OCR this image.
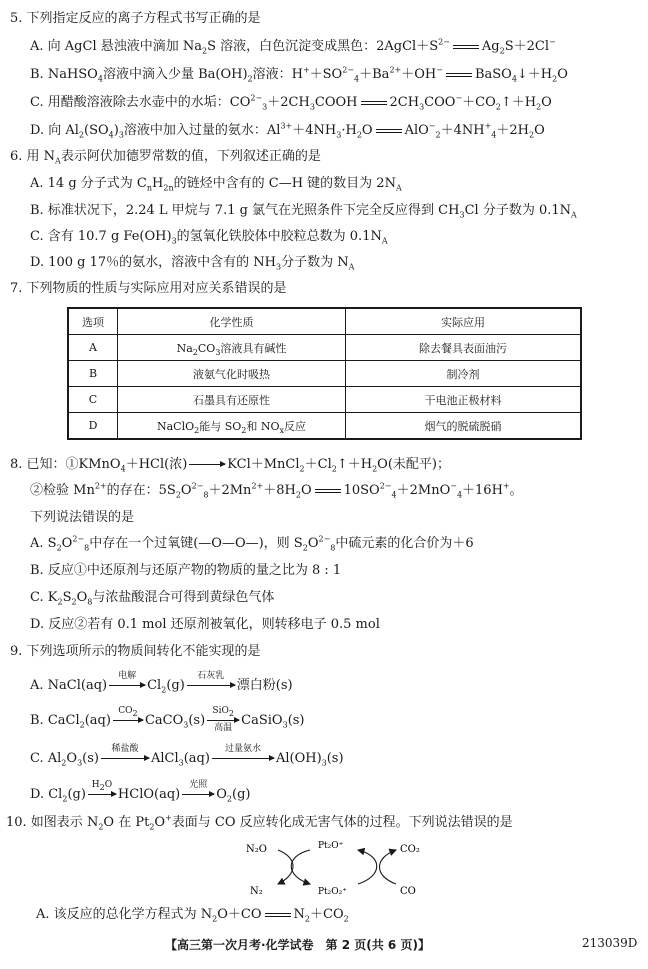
5. 下列指定反应的离子方程式书写正确的是
A. 向 AgCl 悬浊液中滴加 $Na_2S$ 溶液，白色沉淀变成黑色：$2AgCl+S^{2-}$ $Ag_2S+2Cl^-$
B. NaHSO$_4$溶液中滴入少量 $Ba(OH)_2$溶液：$H^++SO^{2-}_4+Ba^{2+}+OH^-$ $BaSO_4↓+H_2O$
C. 用醋酸溶液除去水壶中的水垢：$CO^{2-}_3+2CH_3COOH$ $2CH_3COO^-+CO_2↑+H_2O$
D. 向 $Al_2(SO_4)_3$溶液中加入过量的氨水：$Al^{3+}+4NH_3\cdot H_2O$ $AlO^-_2+4NH^+_4+2H_2O$
6. 用 $N_A$表示阿伏加德罗常数的值，下列叙述正确的是
A. 14 g 分子式为 $C_nH_{2n}$的链烃中含有的 C—H 键的数目为 $2N_A$
B. 标准状况下，2.24 L 甲烷与 7.1 g 氯气在光照条件下完全反应得到 $CH_3Cl$ 分子数为 $0.1N_A$
C. 含有 10.7 g $Fe(OH)_3$的氢氧化铁胶体中胶粒总数为 $0.1N_A$
D. 100 g 17％的氨水，溶液中含有的 $NH_3$分子数为 $N_A$
7. 下列物质的性质与实际应用对应关系错误的是
选项	化学性质	实际应用
A	$Na_2CO_3$溶液具有碱性	除去餐具表面油污
B	液氨气化时吸热	制冷剂
C	石墨具有还原性	干电池正极材料
D	NaClO$_2$能与 $SO_2$和 $NO_x$反应	烟气的脱硫脱硝
8. 已知：①KMnO$_4$＋HCl(浓)	$KCl+MnCl_2+Cl_2↑+H_2O$(未配平)；
②检验 $Mn^{2+}$的存在：$5S_2O^{2-}_8+2Mn^{2+}+8H_2O$ $10SO^{2-}_4+2MnO^-_4+16H^+$。
下列说法错误的是
A. $S_2O^{2-}_8$中存在一个过氧键(—O—O—)，则 $S_2O^{2-}_8$中硫元素的化合价为＋6
B. 反应①中还原剂与还原产物的物质的量之比为 8 : 1
C. $K_2S_2O_8$与浓盐酸混合可得到黄绿色气体
D. 反应②若有 0.1 mol 还原剂被氧化，则转移电子 0.5 mol
9. 下列选项所示的物质间转化不能实现的是
A. NaCl(aq)
电解
$Cl_2(g)$
石灰乳
漂白粉(s)
B. CaCl$_2$(aq)
$CO_2$ CaCO$_3$(s)
SiO$_2$
高温 CaSiO$_3$(s)
C. $Al_2O_3(s)$
稀盐酸
AlCl$_3$(aq)
过量氨水
$Al(OH)_3(s)$
D. $Cl_2(g)$
$H_2O$
HClO(aq)
光照
$O_2(g)$
10. 如图表示 $N_2O$ 在 $Pt_2O^+$表面与 CO 反应转化成无害气体的过程。下列说法错误的是
N₂O	Pt₂O⁺	CO₂
N₂	Pt₂O₂⁺	CO
A. 该反应的总化学方程式为 $N_2O+CO$ $N_2+CO_2$
【高三第一次月考·化学试卷　第 2 页(共 6 页)】	213039D
